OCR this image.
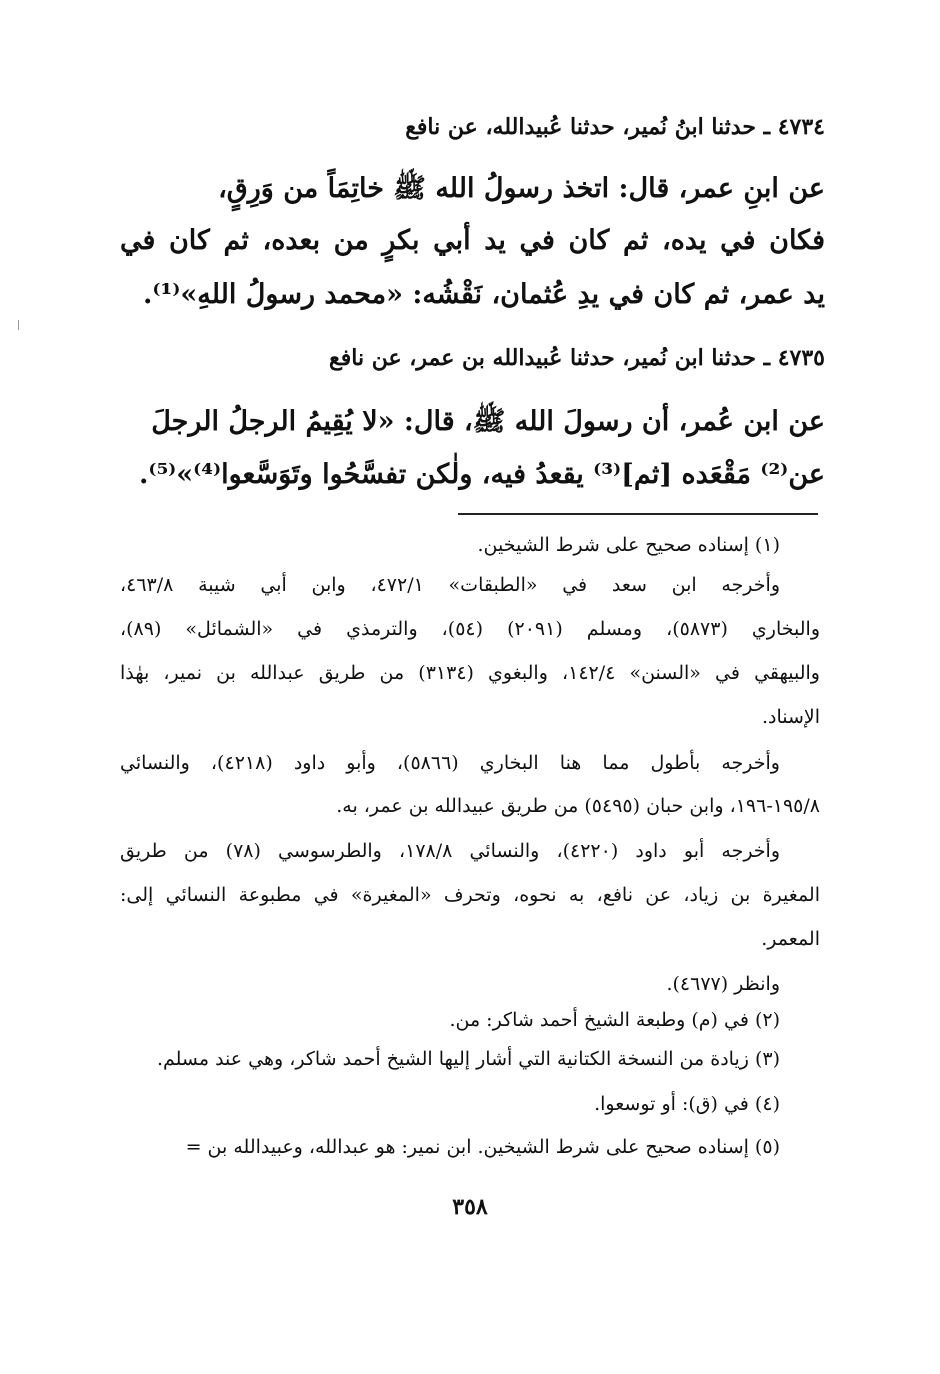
٤٧٣٤ ـ حدثنا ابنُ نُمير، حدثنا عُبيدالله، عن نافع
عن ابنِ عمر، قال: اتخذ رسولُ الله ﷺ خاتِمَاً من وَرِقٍ،
فكان في يده، ثم كان في يد أبي بكرٍ من بعده، ثم كان في
يد عمر، ثم كان في يدِ عُثمان، نَقْشُه: «محمد رسولُ اللهِ»⁽¹⁾.
٤٧٣٥ ـ حدثنا ابن نُمير، حدثنا عُبيدالله بن عمر، عن نافع
عن ابن عُمر، أن رسولَ الله ﷺ، قال: «لا يُقِيمُ الرجلُ الرجلَ
عن⁽²⁾ مَقْعَده [ثم]⁽³⁾ يقعدُ فيه، ولٰكن تفسَّحُوا وتَوَسَّعوا⁽⁴⁾»⁽⁵⁾.
(١) إسناده صحيح على شرط الشيخين.
وأخرجه ابن سعد في «الطبقات» ٤٧٢/١، وابن أبي شيبة ٤٦٣/٨،
والبخاري (٥٨٧٣)، ومسلم (٢٠٩١) (٥٤)، والترمذي في «الشمائل» (٨٩)،
والبيهقي في «السنن» ١٤٢/٤، والبغوي (٣١٣٤) من طريق عبدالله بن نمير، بهٰذا
الإسناد.
وأخرجه بأطول مما هنا البخاري (٥٨٦٦)، وأبو داود (٤٢١٨)، والنسائي
١٩٥/٨-١٩٦، وابن حبان (٥٤٩٥) من طريق عبيدالله بن عمر، به.
وأخرجه أبو داود (٤٢٢٠)، والنسائي ١٧٨/٨، والطرسوسي (٧٨) من طريق
المغيرة بن زياد، عن نافع، به نحوه، وتحرف «المغيرة» في مطبوعة النسائي إلى:
المعمر.
وانظر (٤٦٧٧).
(٢) في (م) وطبعة الشيخ أحمد شاكر: من.
(٣) زيادة من النسخة الكتانية التي أشار إليها الشيخ أحمد شاكر، وهي عند مسلم.
(٤) في (ق): أو توسعوا.
(٥) إسناده صحيح على شرط الشيخين. ابن نمير: هو عبدالله، وعبيدالله بن =
٣٥٨
